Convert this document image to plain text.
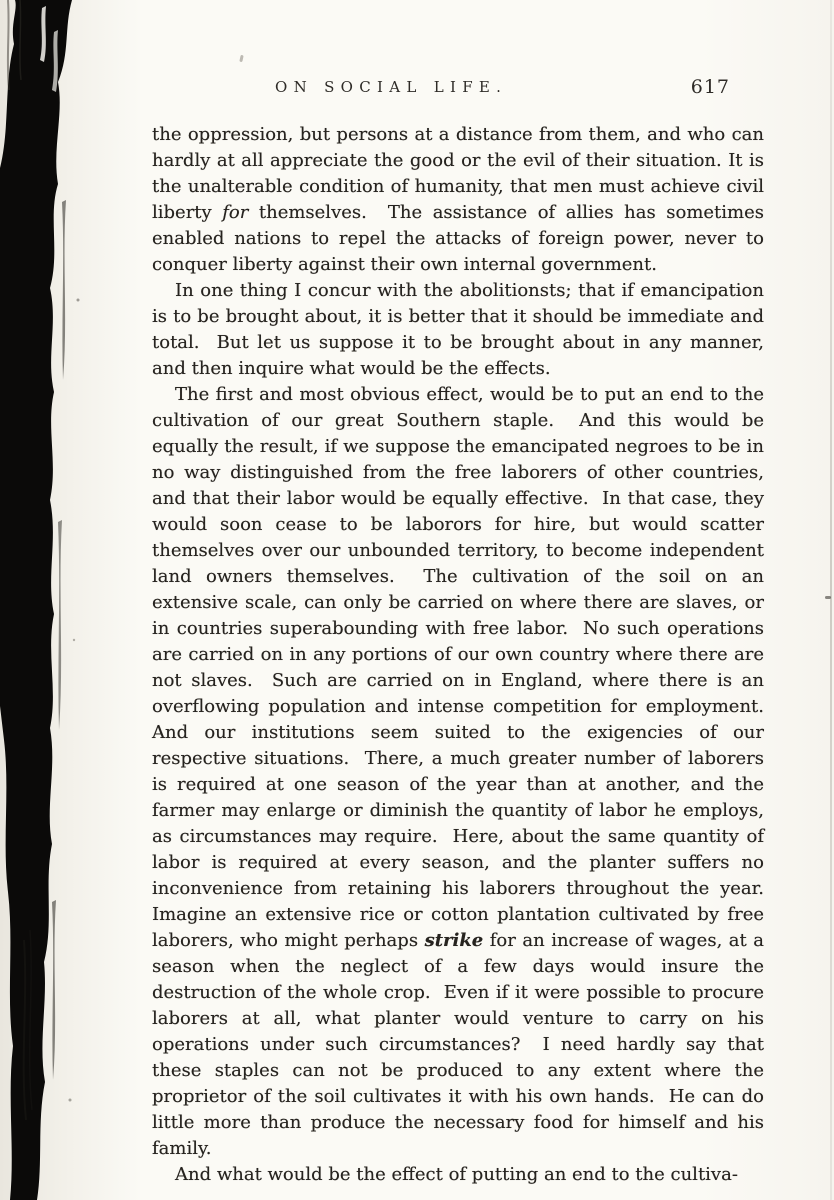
ON SOCIAL LIFE.	617

the oppression, but persons at a distance from them, and who can hardly at all appreciate the good or the evil of their situation. It is the unalterable condition of humanity, that men must achieve civil liberty for themselves.  The assistance of allies has sometimes enabled nations to repel the attacks of foreign power, never to conquer liberty against their own internal government.

In one thing I concur with the abolitionsts; that if emancipation is to be brought about, it is better that it should be immediate and total.  But let us suppose it to be brought about in any manner, and then inquire what would be the effects.

The first and most obvious effect, would be to put an end to the cultivation of our great Southern staple.  And this would be equally the result, if we suppose the emancipated negroes to be in no way distinguished from the free laborers of other countries, and that their labor would be equally effective.  In that case, they would soon cease to be laborors for hire, but would scatter themselves over our unbounded territory, to become independent land owners themselves.  The cultivation of the soil on an extensive scale, can only be carried on where there are slaves, or in countries superabounding with free labor.  No such operations are carried on in any portions of our own country where there are not slaves.  Such are carried on in England, where there is an overflowing population and intense competition for employment. And our institutions seem suited to the exigencies of our respective situations.  There, a much greater number of laborers is required at one season of the year than at another, and the farmer may enlarge or diminish the quantity of labor he employs, as circumstances may require.  Here, about the same quantity of labor is required at every season, and the planter suffers no inconvenience from retaining his laborers throughout the year.  Imagine an extensive rice or cotton plantation cultivated by free laborers, who might perhaps strike for an increase of wages, at a season when the neglect of a few days would insure the destruction of the whole crop.  Even if it were possible to procure laborers at all, what planter would venture to carry on his operations under such circumstances?  I need hardly say that these staples can not be produced to any extent where the proprietor of the soil cultivates it with his own hands.  He can do little more than produce the necessary food for himself and his family.

And what would be the effect of putting an end to the cultiva-
